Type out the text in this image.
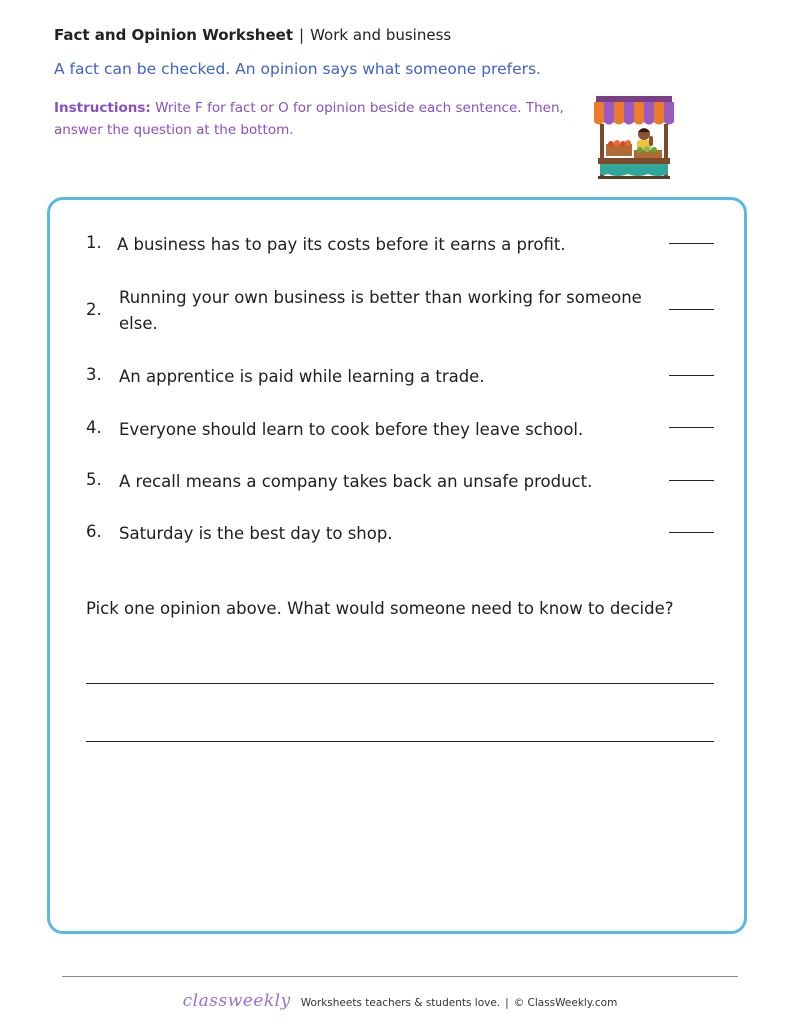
Fact and Opinion Worksheet | Work and business
A fact can be checked. An opinion says what someone prefers.
Instructions: Write F for fact or O for opinion beside each sentence. Then, answer the question at the bottom.
1. A business has to pay its costs before it earns a profit.
2.
Running your own business is better than working for someone else.
3. An apprentice is paid while learning a trade.
4. Everyone should learn to cook before they leave school.
5. A recall means a company takes back an unsafe product.
6. Saturday is the best day to shop.
Pick one opinion above. What would someone need to know to decide?
classweekly Worksheets teachers & students love. | © ClassWeekly.com
